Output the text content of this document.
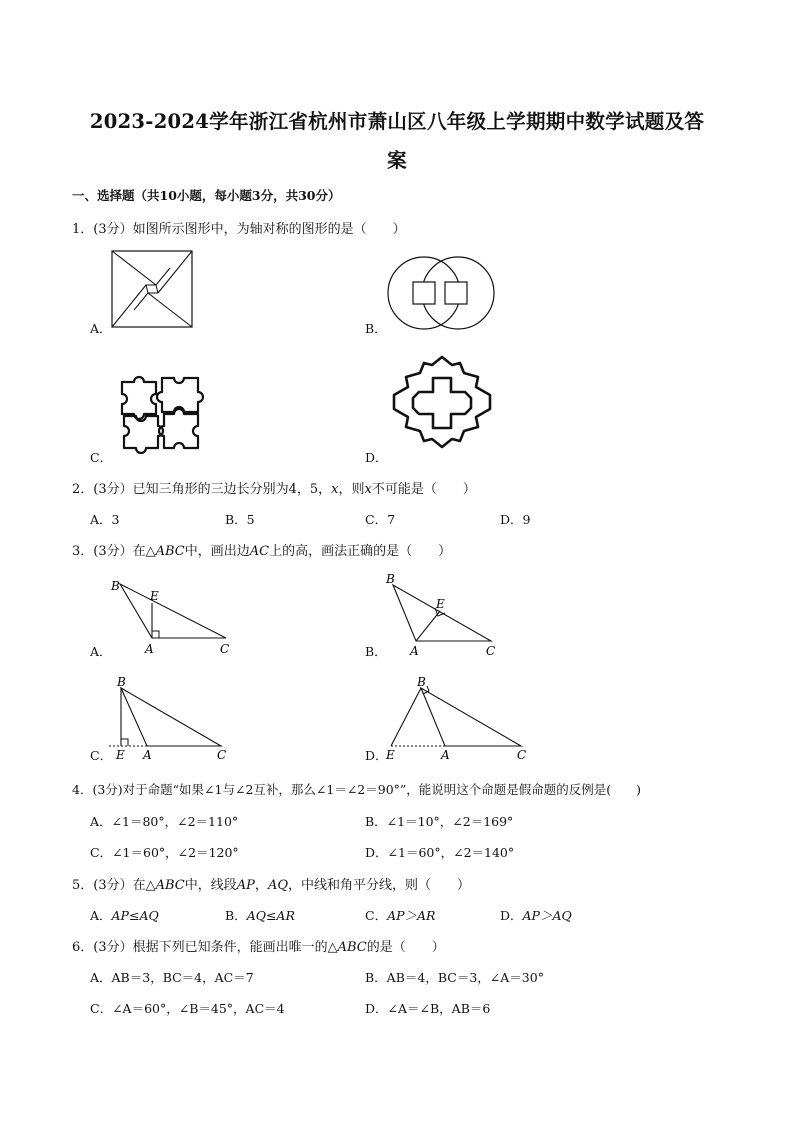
2023-2024学年浙江省杭州市萧山区八年级上学期期中数学试题及答
案
一、选择题（共10小题，每小题3分，共30分）
1．(3分）如图所示图形中，为轴对称的图形的是（　　）
A．	B．
C．	D．
2．(3分）已知三角形的三边长分别为4，5，x，则x不可能是（　　）
A．3	B．5	C．7	D．9
3．(3分）在△ABC中，画出边AC上的高，画法正确的是（　　）
B
E
A	C
A．
B
E
A	C
B．
B
E A	C
C．
B
E	A	C
D．
4．(3分)对于命题“如果∠1与∠2互补，那么∠1＝∠2＝90°”，能说明这个命题是假命题的反例是(　　)
A．∠1＝80°，∠2＝110°	B．∠1＝10°，∠2＝169°
C．∠1＝60°，∠2＝120°	D．∠1＝60°，∠2＝140°
5．(3分）在△ABC中，线段AP，AQ，中线和角平分线，则（　　）
A．AP≤AQ	B．AQ≤AR	C．AP＞AR	D．AP＞AQ
6．(3分）根据下列已知条件，能画出唯一的△ABC的是（　　）
A．AB＝3，BC＝4，AC＝7	B．AB＝4，BC＝3，∠A＝30°
C．∠A＝60°，∠B＝45°，AC＝4	D．∠A＝∠B，AB＝6
